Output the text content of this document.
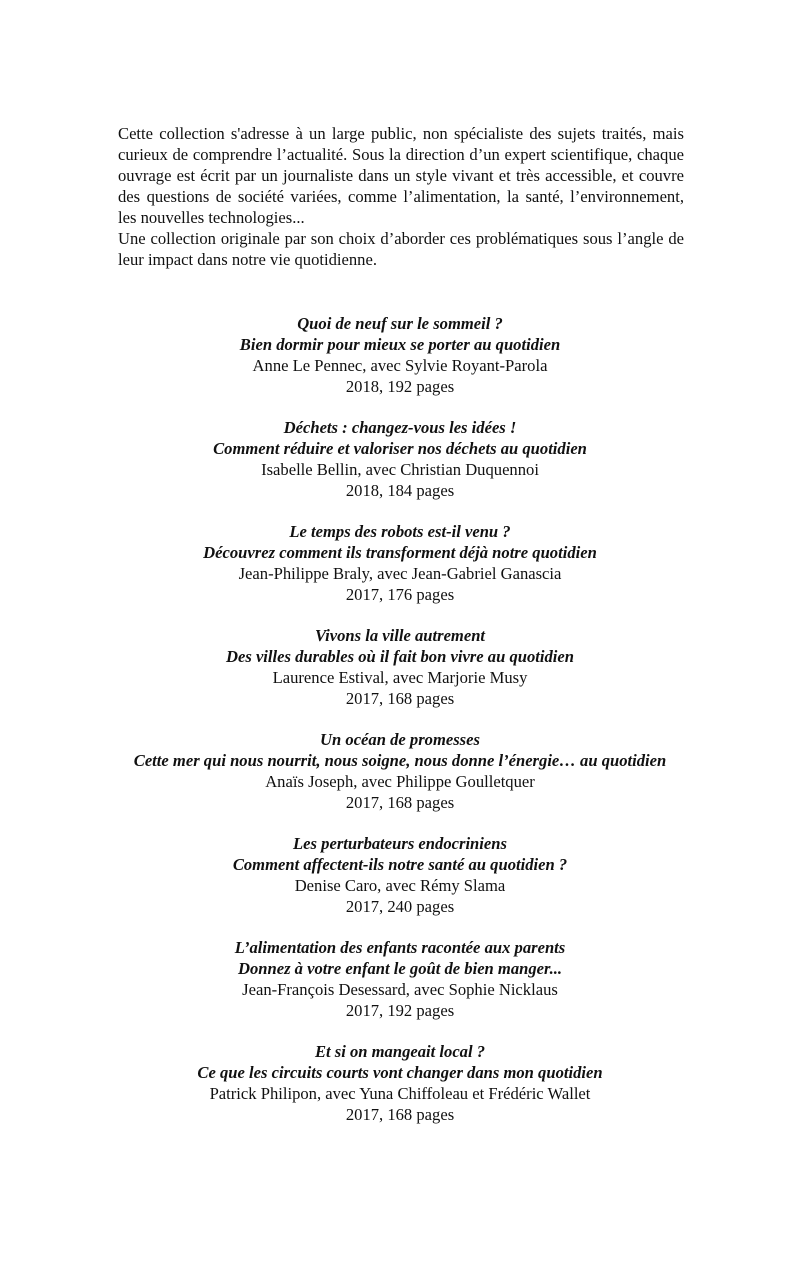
Cette collection s'adresse à un large public, non spécialiste des sujets traités, mais curieux de comprendre l’actualité. Sous la direction d’un expert scientifique, chaque ouvrage est écrit par un journaliste dans un style vivant et très accessible, et couvre des questions de société variées, comme l’alimentation, la santé, l’environnement, les nouvelles technologies...

Une collection originale par son choix d’aborder ces problématiques sous l’angle de leur impact dans notre vie quotidienne.

Quoi de neuf sur le sommeil ?
Bien dormir pour mieux se porter au quotidien
Anne Le Pennec, avec Sylvie Royant-Parola
2018, 192 pages
Déchets : changez-vous les idées !
Comment réduire et valoriser nos déchets au quotidien
Isabelle Bellin, avec Christian Duquennoi
2018, 184 pages
Le temps des robots est-il venu ?
Découvrez comment ils transforment déjà notre quotidien
Jean-Philippe Braly, avec Jean-Gabriel Ganascia
2017, 176 pages
Vivons la ville autrement
Des villes durables où il fait bon vivre au quotidien
Laurence Estival, avec Marjorie Musy
2017, 168 pages
Un océan de promesses
Cette mer qui nous nourrit, nous soigne, nous donne l’énergie… au quotidien
Anaïs Joseph, avec Philippe Goulletquer
2017, 168 pages
Les perturbateurs endocriniens
Comment affectent-ils notre santé au quotidien ?
Denise Caro, avec Rémy Slama
2017, 240 pages
L’alimentation des enfants racontée aux parents
Donnez à votre enfant le goût de bien manger...
Jean-François Desessard, avec Sophie Nicklaus
2017, 192 pages
Et si on mangeait local ?
Ce que les circuits courts vont changer dans mon quotidien
Patrick Philipon, avec Yuna Chiffoleau et Frédéric Wallet
2017, 168 pages
